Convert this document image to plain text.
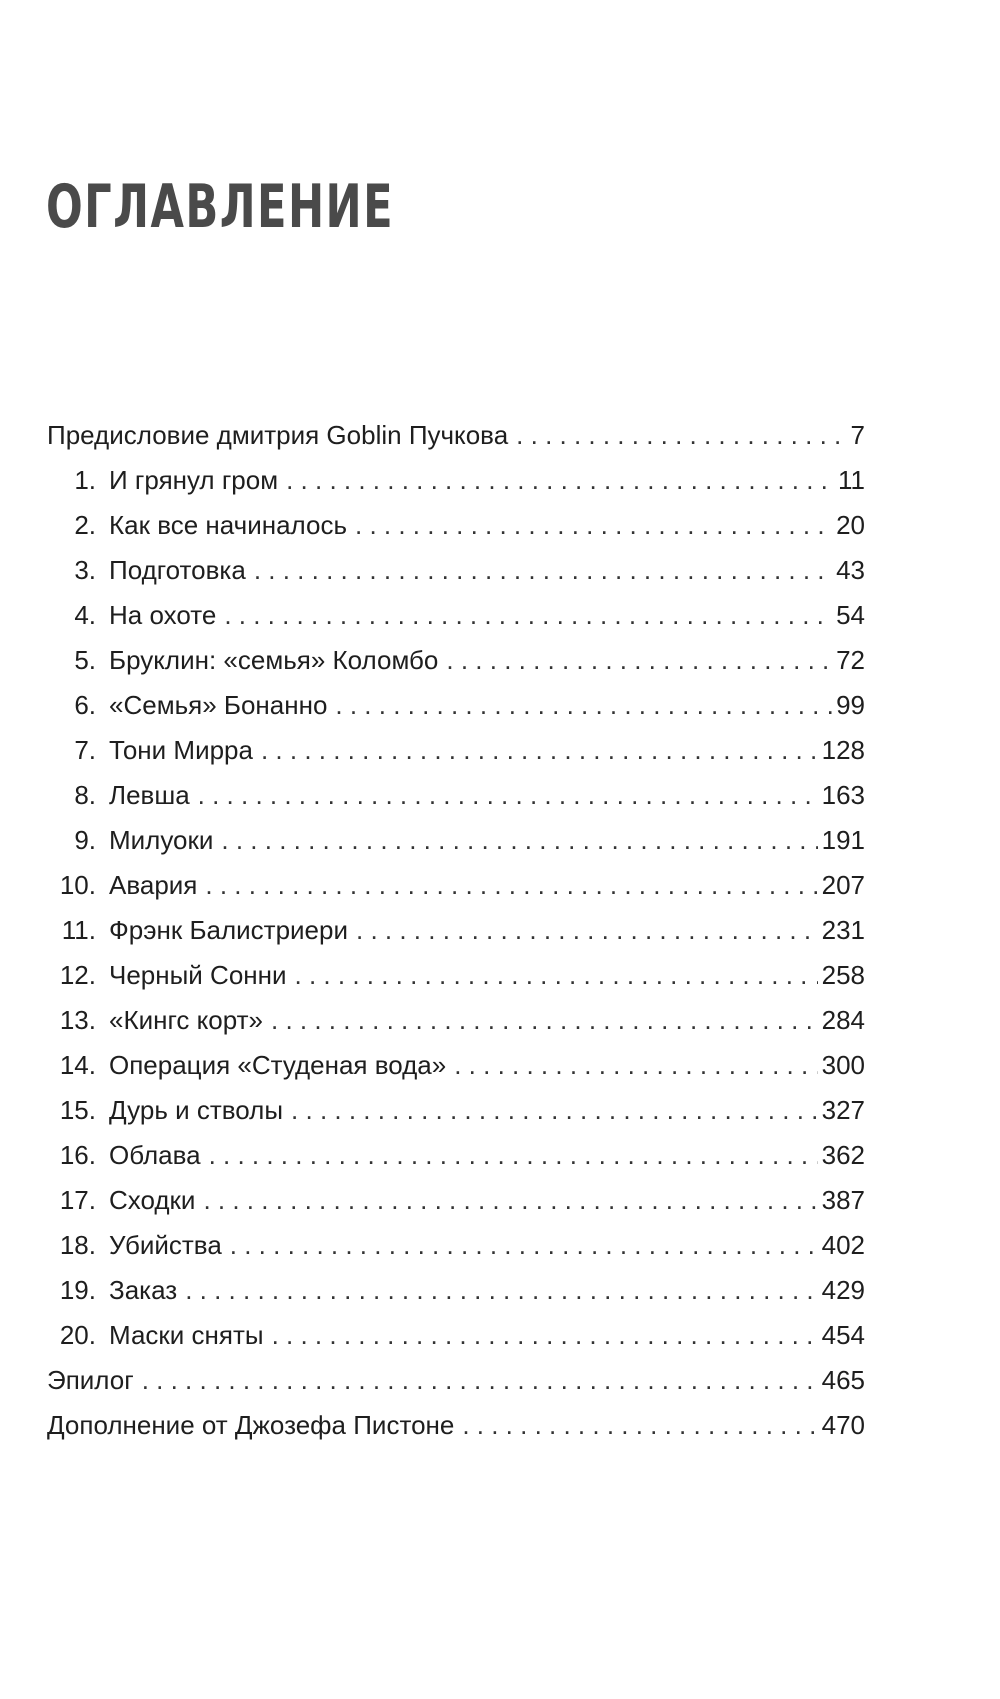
ОГЛАВЛЕНИЕ
Предисловие дмитрия Goblin Пучкова . . .	7
1. И грянул гром . . .	11
2. Как все начиналось . . .	20
3. Подготовка . . .	43
4. На охоте . . .	54
5. Бруклин: «семья» Коломбо . . .	72
6. «Семья» Бонанно . . .	99
7. Тони Мирра . . .	128
8. Левша . . .	163
9. Милуоки . . .	191
10. Авария . . .	207
11. Фрэнк Балистриери . . .	231
12. Черный Сонни . . .	258
13. «Кингс корт» . . .	284
14. Операция «Студеная вода» . . .	300
15. Дурь и стволы . . .	327
16. Облава . . .	362
17. Сходки . . .	387
18. Убийства . . .	402
19. Заказ . . .	429
20. Маски сняты . . .	454
Эпилог . . .	465
Дополнение от Джозефа Пистоне . . .	470
